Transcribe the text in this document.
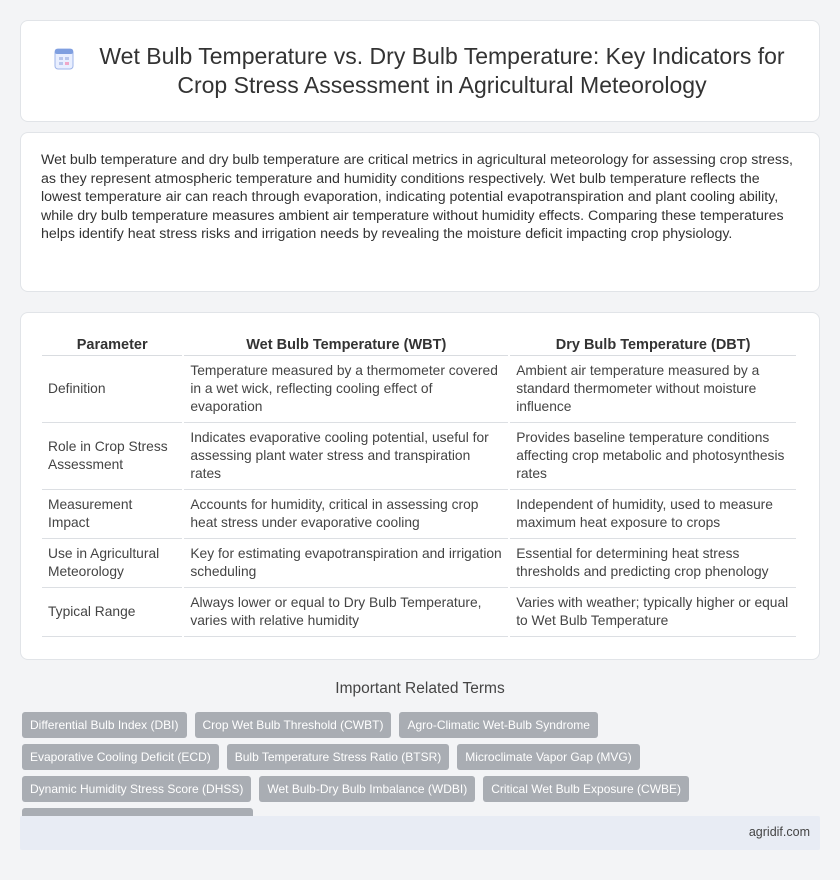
Wet Bulb Temperature vs. Dry Bulb Temperature: Key Indicators for Crop Stress Assessment in Agricultural Meteorology

Wet bulb temperature and dry bulb temperature are critical metrics in agricultural meteorology for assessing crop stress, as they represent atmospheric temperature and humidity conditions respectively. Wet bulb temperature reflects the lowest temperature air can reach through evaporation, indicating potential evapotranspiration and plant cooling ability, while dry bulb temperature measures ambient air temperature without humidity effects. Comparing these temperatures helps identify heat stress risks and irrigation needs by revealing the moisture deficit impacting crop physiology.

Parameter	Wet Bulb Temperature (WBT)	Dry Bulb Temperature (DBT)
Definition	Temperature measured by a thermometer covered in a wet wick, reflecting cooling effect of evaporation	Ambient air temperature measured by a standard thermometer without moisture influence
Role in Crop Stress Assessment	Indicates evaporative cooling potential, useful for assessing plant water stress and transpiration rates	Provides baseline temperature conditions affecting crop metabolic and photosynthesis rates
Measurement Impact	Accounts for humidity, critical in assessing crop heat stress under evaporative cooling	Independent of humidity, used to measure maximum heat exposure to crops
Use in Agricultural Meteorology	Key for estimating evapotranspiration and irrigation scheduling	Essential for determining heat stress thresholds and predicting crop phenology
Typical Range	Always lower or equal to Dry Bulb Temperature, varies with relative humidity	Varies with weather; typically higher or equal to Wet Bulb Temperature
Important Related Terms
Differential Bulb Index (DBI)	Crop Wet Bulb Threshold (CWBT)	Agro-Climatic Wet-Bulb Syndrome
Evaporative Cooling Deficit (ECD)	Bulb Temperature Stress Ratio (BTSR)	Microclimate Vapor Gap (MVG)
Dynamic Humidity Stress Score (DHSS)	Wet Bulb-Dry Bulb Imbalance (WDBI)	Critical Wet Bulb Exposure (CWBE)
agridif.com
